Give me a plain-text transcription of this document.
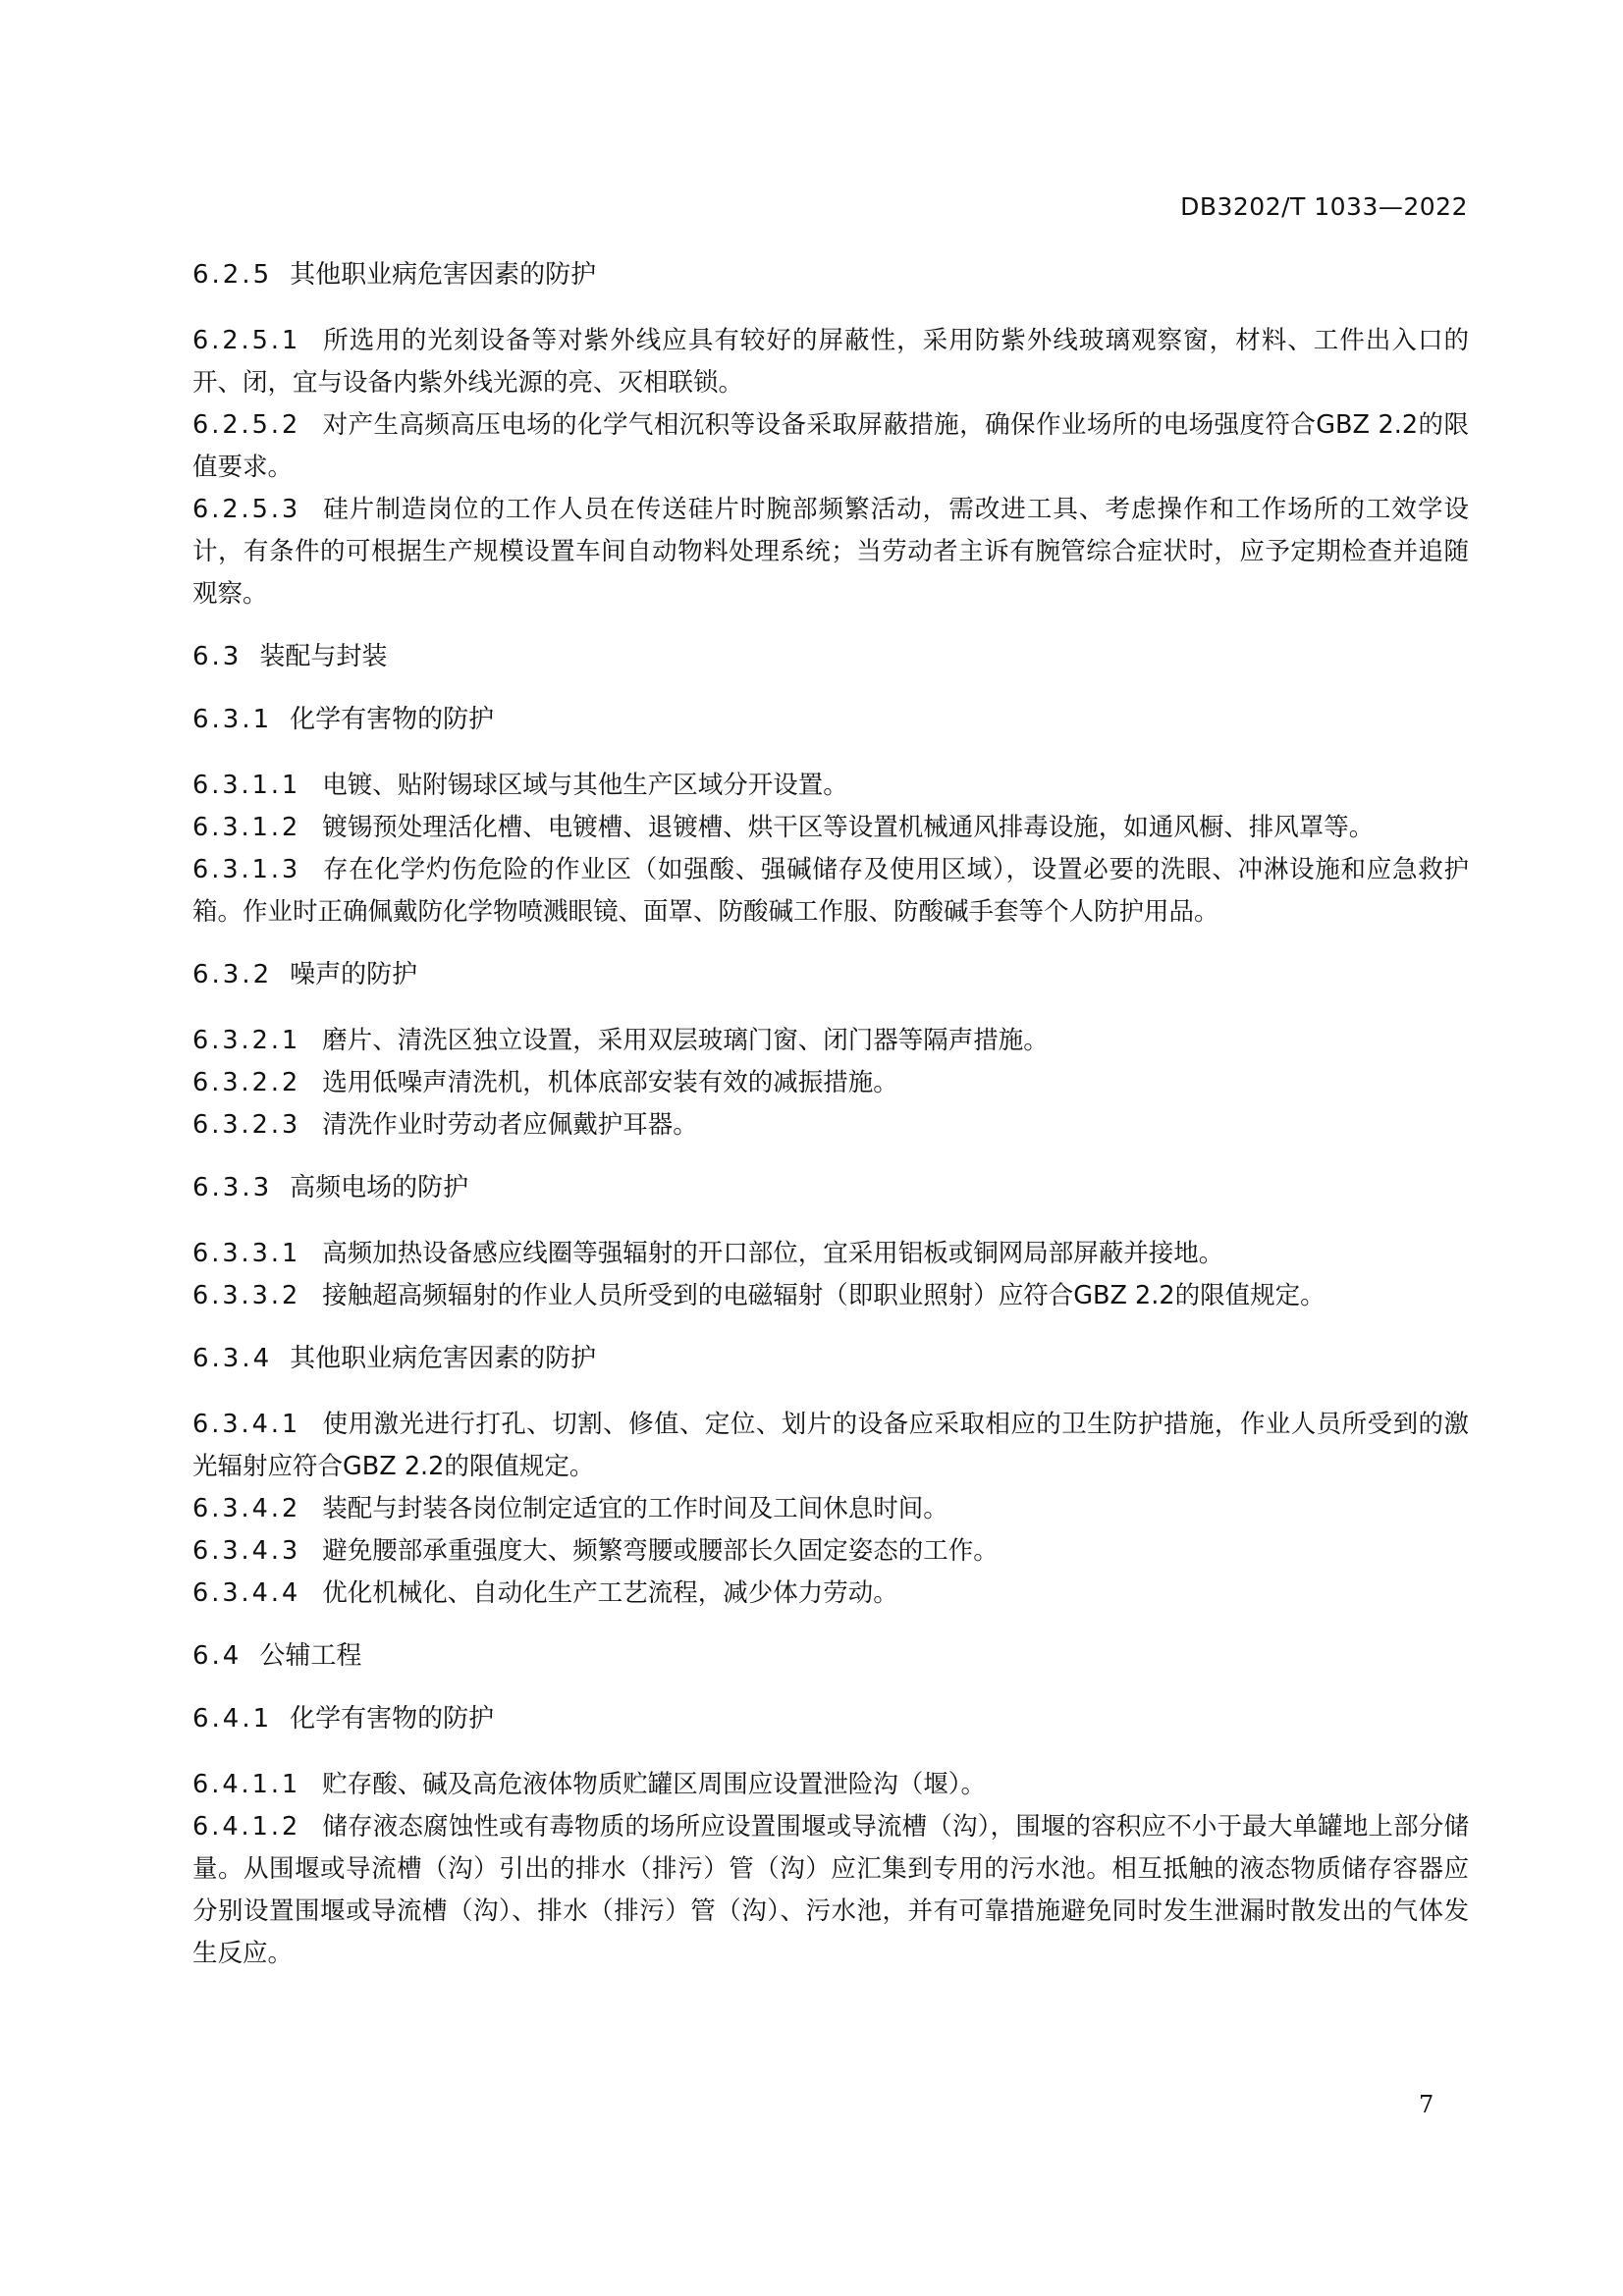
DB3202/T 1033—2022

6.2.5 其他职业病危害因素的防护

6.2.5.1 所选用的光刻设备等对紫外线应具有较好的屏蔽性，采用防紫外线玻璃观察窗，材料、工件出入口的开、闭，宜与设备内紫外线光源的亮、灭相联锁。

6.2.5.2 对产生高频高压电场的化学气相沉积等设备采取屏蔽措施，确保作业场所的电场强度符合GBZ 2.2的限值要求。

6.2.5.3 硅片制造岗位的工作人员在传送硅片时腕部频繁活动，需改进工具、考虑操作和工作场所的工效学设计，有条件的可根据生产规模设置车间自动物料处理系统；当劳动者主诉有腕管综合症状时，应予定期检查并追随观察。

6.3 装配与封装

6.3.1 化学有害物的防护

6.3.1.1 电镀、贴附锡球区域与其他生产区域分开设置。

6.3.1.2 镀锡预处理活化槽、电镀槽、退镀槽、烘干区等设置机械通风排毒设施，如通风橱、排风罩等。

6.3.1.3 存在化学灼伤危险的作业区（如强酸、强碱储存及使用区域），设置必要的洗眼、冲淋设施和应急救护箱。作业时正确佩戴防化学物喷溅眼镜、面罩、防酸碱工作服、防酸碱手套等个人防护用品。

6.3.2 噪声的防护

6.3.2.1 磨片、清洗区独立设置，采用双层玻璃门窗、闭门器等隔声措施。

6.3.2.2 选用低噪声清洗机，机体底部安装有效的减振措施。

6.3.2.3 清洗作业时劳动者应佩戴护耳器。

6.3.3 高频电场的防护

6.3.3.1 高频加热设备感应线圈等强辐射的开口部位，宜采用铝板或铜网局部屏蔽并接地。

6.3.3.2 接触超高频辐射的作业人员所受到的电磁辐射（即职业照射）应符合GBZ 2.2的限值规定。

6.3.4 其他职业病危害因素的防护

6.3.4.1 使用激光进行打孔、切割、修值、定位、划片的设备应采取相应的卫生防护措施，作业人员所受到的激光辐射应符合GBZ 2.2的限值规定。

6.3.4.2 装配与封装各岗位制定适宜的工作时间及工间休息时间。

6.3.4.3 避免腰部承重强度大、频繁弯腰或腰部长久固定姿态的工作。

6.3.4.4 优化机械化、自动化生产工艺流程，减少体力劳动。

6.4 公辅工程

6.4.1 化学有害物的防护

6.4.1.1 贮存酸、碱及高危液体物质贮罐区周围应设置泄险沟（堰）。

6.4.1.2 储存液态腐蚀性或有毒物质的场所应设置围堰或导流槽（沟），围堰的容积应不小于最大单罐地上部分储量。从围堰或导流槽（沟）引出的排水（排污）管（沟）应汇集到专用的污水池。相互抵触的液态物质储存容器应分别设置围堰或导流槽（沟）、排水（排污）管（沟）、污水池，并有可靠措施避免同时发生泄漏时散发出的气体发生反应。

7
